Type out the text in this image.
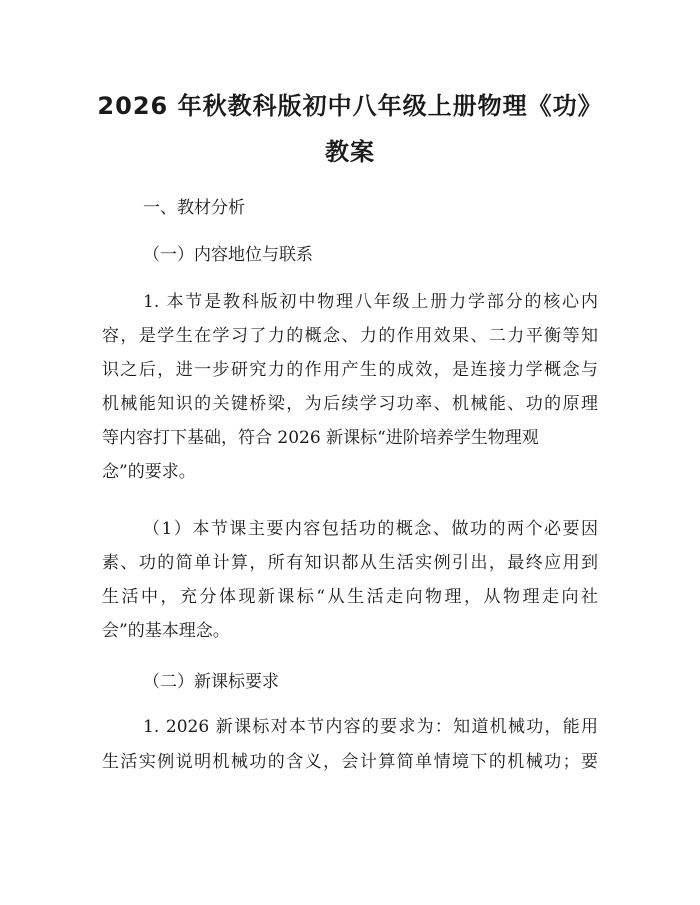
2026 年秋教科版初中八年级上册物理《功》
教案

一、教材分析

（一）内容地位与联系

1. 本节是教科版初中物理八年级上册力学部分的核心内

容，是学生在学习了力的概念、力的作用效果、二力平衡等知

识之后，进一步研究力的作用产生的成效，是连接力学概念与

机械能知识的关键桥梁，为后续学习功率、机械能、功的原理

等内容打下基础，符合 2026 新课标“进阶培养学生物理观

念”的要求。

（1）本节课主要内容包括功的概念、做功的两个必要因

素、功的简单计算，所有知识都从生活实例引出，最终应用到

生活中，充分体现新课标“从生活走向物理，从物理走向社

会”的基本理念。

（二）新课标要求

1. 2026 新课标对本节内容的要求为：知道机械功，能用

生活实例说明机械功的含义，会计算简单情境下的机械功；要
